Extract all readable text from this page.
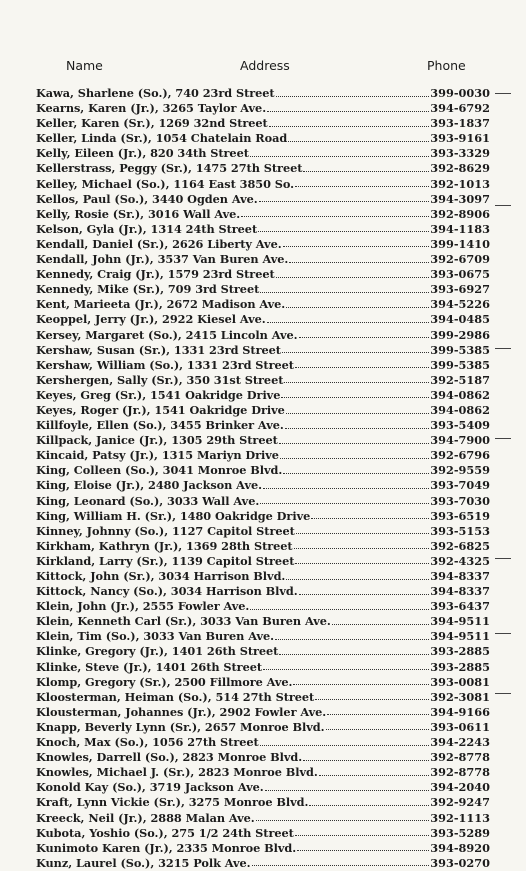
Name	Address	Phone
Kawa, Sharlene (So.), 740 23rd Street	399-0030
Kearns, Karen (Jr.), 3265 Taylor Ave.	394-6792
Keller, Karen (Sr.), 1269 32nd Street	393-1837
Keller, Linda (Sr.), 1054 Chatelain Road	393-9161
Kelly, Eileen (Jr.), 820 34th Street	393-3329
Kellerstrass, Peggy (Sr.), 1475 27th Street	392-8629
Kelley, Michael (So.), 1164 East 3850 So.	392-1013
Kellos, Paul (So.), 3440 Ogden Ave.	394-3097
Kelly, Rosie (Sr.), 3016 Wall Ave.	392-8906
Kelson, Gyla (Jr.), 1314 24th Street	394-1183
Kendall, Daniel (Sr.), 2626 Liberty Ave.	399-1410
Kendall, John (Jr.), 3537 Van Buren Ave.	392-6709
Kennedy, Craig (Jr.), 1579 23rd Street	393-0675
Kennedy, Mike (Sr.), 709 3rd Street	393-6927
Kent, Marieeta (Jr.), 2672 Madison Ave.	394-5226
Keoppel, Jerry (Jr.), 2922 Kiesel Ave.	394-0485
Kersey, Margaret (So.), 2415 Lincoln Ave.	399-2986
Kershaw, Susan (Sr.), 1331 23rd Street	399-5385
Kershaw, William (So.), 1331 23rd Street	399-5385
Kershergen, Sally (Sr.), 350 31st Street	392-5187
Keyes, Greg (Sr.), 1541 Oakridge Drive	394-0862
Keyes, Roger (Jr.), 1541 Oakridge Drive	394-0862
Killfoyle, Ellen (So.), 3455 Brinker Ave.	393-5409
Killpack, Janice (Jr.), 1305 29th Street	394-7900
Kincaid, Patsy (Jr.), 1315 Mariyn Drive	392-6796
King, Colleen (So.), 3041 Monroe Blvd.	392-9559
King, Eloise (Jr.), 2480 Jackson Ave.	393-7049
King, Leonard (So.), 3033 Wall Ave.	393-7030
King, William H. (Sr.), 1480 Oakridge Drive	393-6519
Kinney, Johnny (So.), 1127 Capitol Street	393-5153
Kirkham, Kathryn (Jr.), 1369 28th Street	392-6825
Kirkland, Larry (Sr.), 1139 Capitol Street	392-4325
Kittock, John (Sr.), 3034 Harrison Blvd.	394-8337
Kittock, Nancy (So.), 3034 Harrison Blvd.	394-8337
Klein, John (Jr.), 2555 Fowler Ave.	393-6437
Klein, Kenneth Carl (Sr.), 3033 Van Buren Ave.	394-9511
Klein, Tim (So.), 3033 Van Buren Ave.	394-9511
Klinke, Gregory (Jr.), 1401 26th Street	393-2885
Klinke, Steve (Jr.), 1401 26th Street	393-2885
Klomp, Gregory (Sr.), 2500 Fillmore Ave.	393-0081
Kloosterman, Heiman (So.), 514 27th Street	392-3081
Klousterman, Johannes (Jr.), 2902 Fowler Ave.	394-9166
Knapp, Beverly Lynn (Sr.), 2657 Monroe Blvd.	393-0611
Knoch, Max (So.), 1056 27th Street	394-2243
Knowles, Darrell (So.), 2823 Monroe Blvd.	392-8778
Knowles, Michael J. (Sr.), 2823 Monroe Blvd.	392-8778
Konold Kay (So.), 3719 Jackson Ave.	394-2040
Kraft, Lynn Vickie (Sr.), 3275 Monroe Blvd.	392-9247
Kreeck, Neil (Jr.), 2888 Malan Ave.	392-1113
Kubota, Yoshio (So.), 275 1/2 24th Street	393-5289
Kunimoto Karen (Jr.), 2335 Monroe Blvd.	394-8920
Kunz, Laurel (So.), 3215 Polk Ave.	393-0270
